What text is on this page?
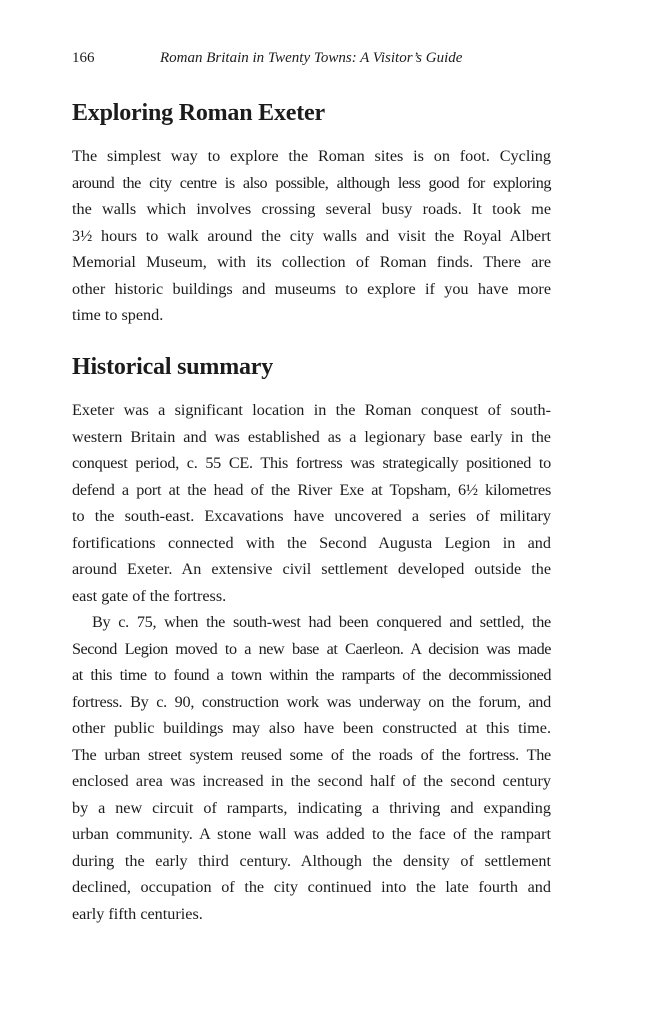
166	Roman Britain in Twenty Towns: A Visitor’s Guide
Exploring Roman Exeter
The simplest way to explore the Roman sites is on foot. Cycling
around the city centre is also possible, although less good for exploring
the walls which involves crossing several busy roads. It took me
3½ hours to walk around the city walls and visit the Royal Albert
Memorial Museum, with its collection of Roman finds. There are
other historic buildings and museums to explore if you have more
time to spend.
Historical summary
Exeter was a significant location in the Roman conquest of south-
western Britain and was established as a legionary base early in the
conquest period, c. 55 CE. This fortress was strategically positioned to
defend a port at the head of the River Exe at Topsham, 6½ kilometres
to the south-east. Excavations have uncovered a series of military
fortifications connected with the Second Augusta Legion in and
around Exeter. An extensive civil settlement developed outside the
east gate of the fortress.
By c. 75, when the south-west had been conquered and settled, the
Second Legion moved to a new base at Caerleon. A decision was made
at this time to found a town within the ramparts of the decommissioned
fortress. By c. 90, construction work was underway on the forum, and
other public buildings may also have been constructed at this time.
The urban street system reused some of the roads of the fortress. The
enclosed area was increased in the second half of the second century
by a new circuit of ramparts, indicating a thriving and expanding
urban community. A stone wall was added to the face of the rampart
during the early third century. Although the density of settlement
declined, occupation of the city continued into the late fourth and
early fifth centuries.
